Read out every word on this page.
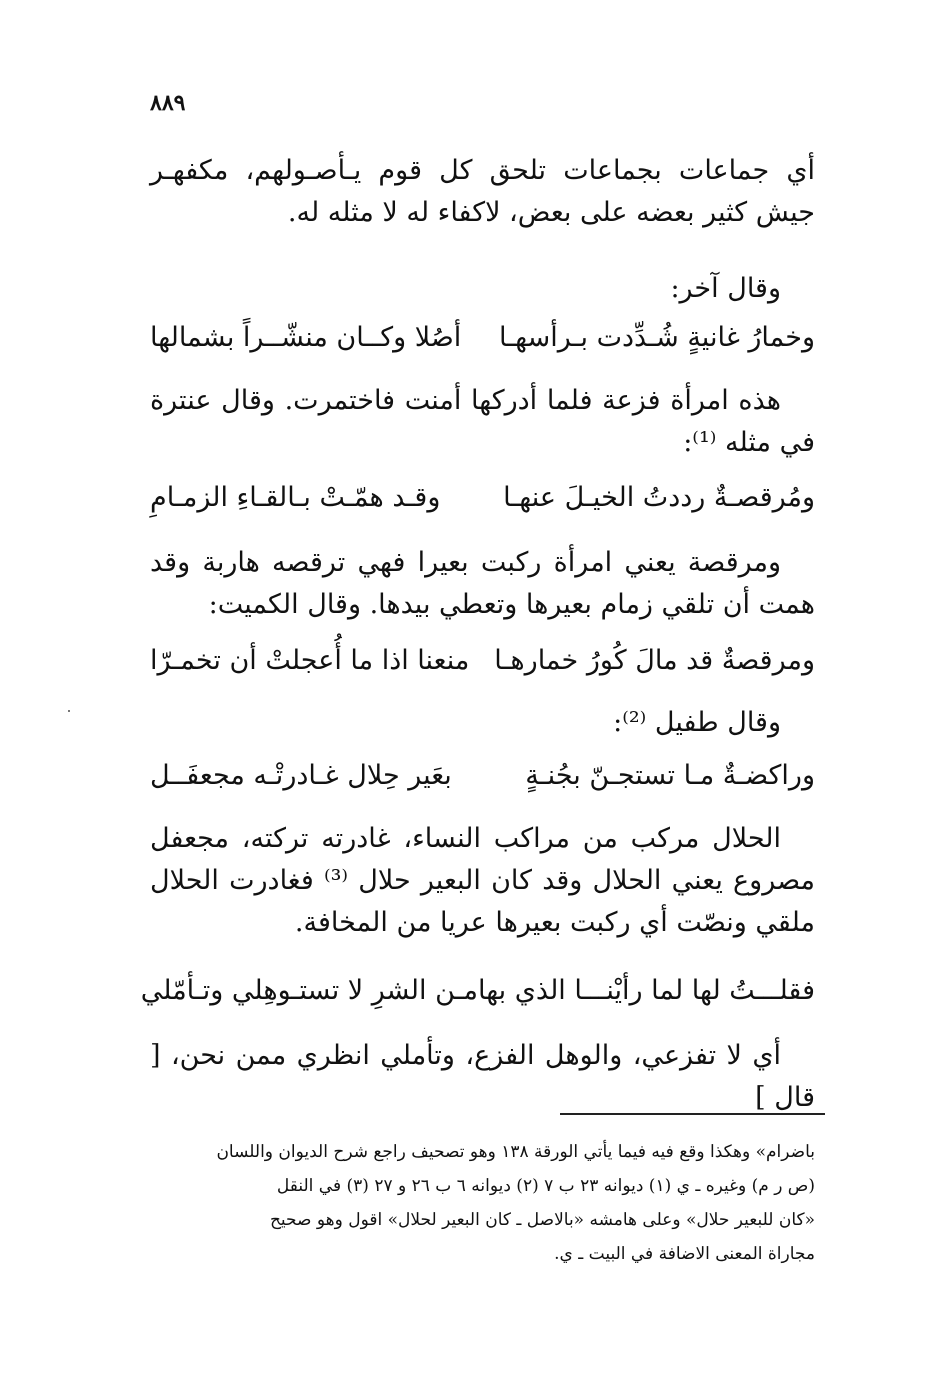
٨٨٩
أي جماعات بجماعات تلحق كل قوم يـأصـولهم، مكفهـر جيش كثير بعضه على بعض، لاكفاء له لا مثله له.
وقال آخر:
وخمارُ غانيةٍ شُـدِّدت بـرأسهـا
أصُلا وكــان منشّــراً بشمالها
هذه امرأة فزعة فلما أدركها أمنت فاختمرت. وقال عنترة في مثله ⁽¹⁾:
ومُرقصـةٌ رددتُ الخيـلَ عنهـا
وقـد همّـتْ بـالقـاءِ الزمـامِ
ومرقصة يعني امرأة ركبت بعيرا فهي ترقصه هاربة وقد همت أن تلقي زمام بعيرها وتعطي بيدها. وقال الكميت:
ومرقصةٌ قد مالَ كُورُ خمارهـا
منعنا اذا ما أُعجلتْ أن تخمـرّا
وقال طفيل ⁽²⁾:
وراكضـةٌ مـا تستجـنّ بجُنـةٍ
بعَير حِلال غـادرتْـه مجعفَــل
الحلال مركب من مراكب النساء، غادرته تركته، مجعفل مصروع يعني الحلال وقد كان البعير حلال ⁽³⁾ فغادرت الحلال ملقي ونصّت أي ركبت بعيرها عريا من المخافة.
فقلـــتُ لها لما رأيْنـــا الذي بها
مـن الشرِ لا تستـوهِلي وتـأمّلي
أي لا تفزعي، والوهل الفزع، وتأملي انظري ممن نحن، [ قال ]

باضرام» وهكذا وقع فيه فيما يأتي الورقة ١٣٨ وهو تصحيف راجع شرح الديوان واللسان

(ص ر م) وغيره ـ ي (١) ديوانه ٢٣ ب ٧ (٢) ديوانه ٦ ب ٢٦ و ٢٧ (٣) في النقل

«كان للبعير حلال» وعلى هامشه «بالاصل ـ كان البعير لحلال» اقول وهو صحيح

مجاراة المعنى الاضافة في البيت ـ ي.
